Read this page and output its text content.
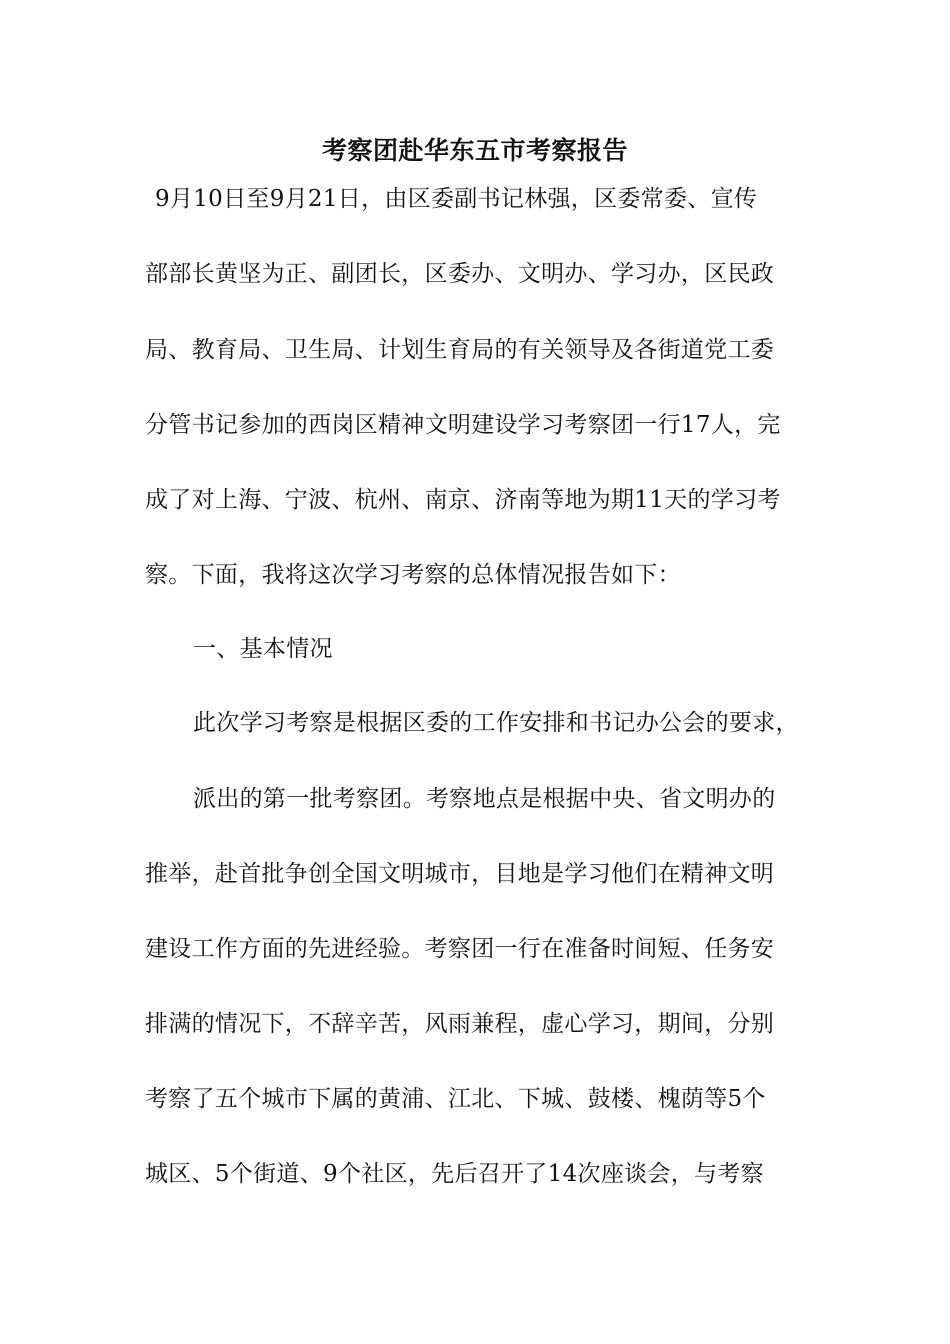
考察团赴华东五市考察报告
9月10日至9月21日，由区委副书记林强，区委常委、宣传
部部长黄坚为正、副团长，区委办、文明办、学习办，区民政
局、教育局、卫生局、计划生育局的有关领导及各街道党工委
分管书记参加的西岗区精神文明建设学习考察团一行17人，完
成了对上海、宁波、杭州、南京、济南等地为期11天的学习考
察。下面，我将这次学习考察的总体情况报告如下：
一、基本情况
此次学习考察是根据区委的工作安排和书记办公会的要求，
派出的第一批考察团。考察地点是根据中央、省文明办的
推举，赴首批争创全国文明城市，目地是学习他们在精神文明
建设工作方面的先进经验。考察团一行在准备时间短、任务安
排满的情况下，不辞辛苦，风雨兼程，虚心学习，期间，分别
考察了五个城市下属的黄浦、江北、下城、鼓楼、槐荫等5个
城区、5个街道、9个社区，先后召开了14次座谈会，与考察
